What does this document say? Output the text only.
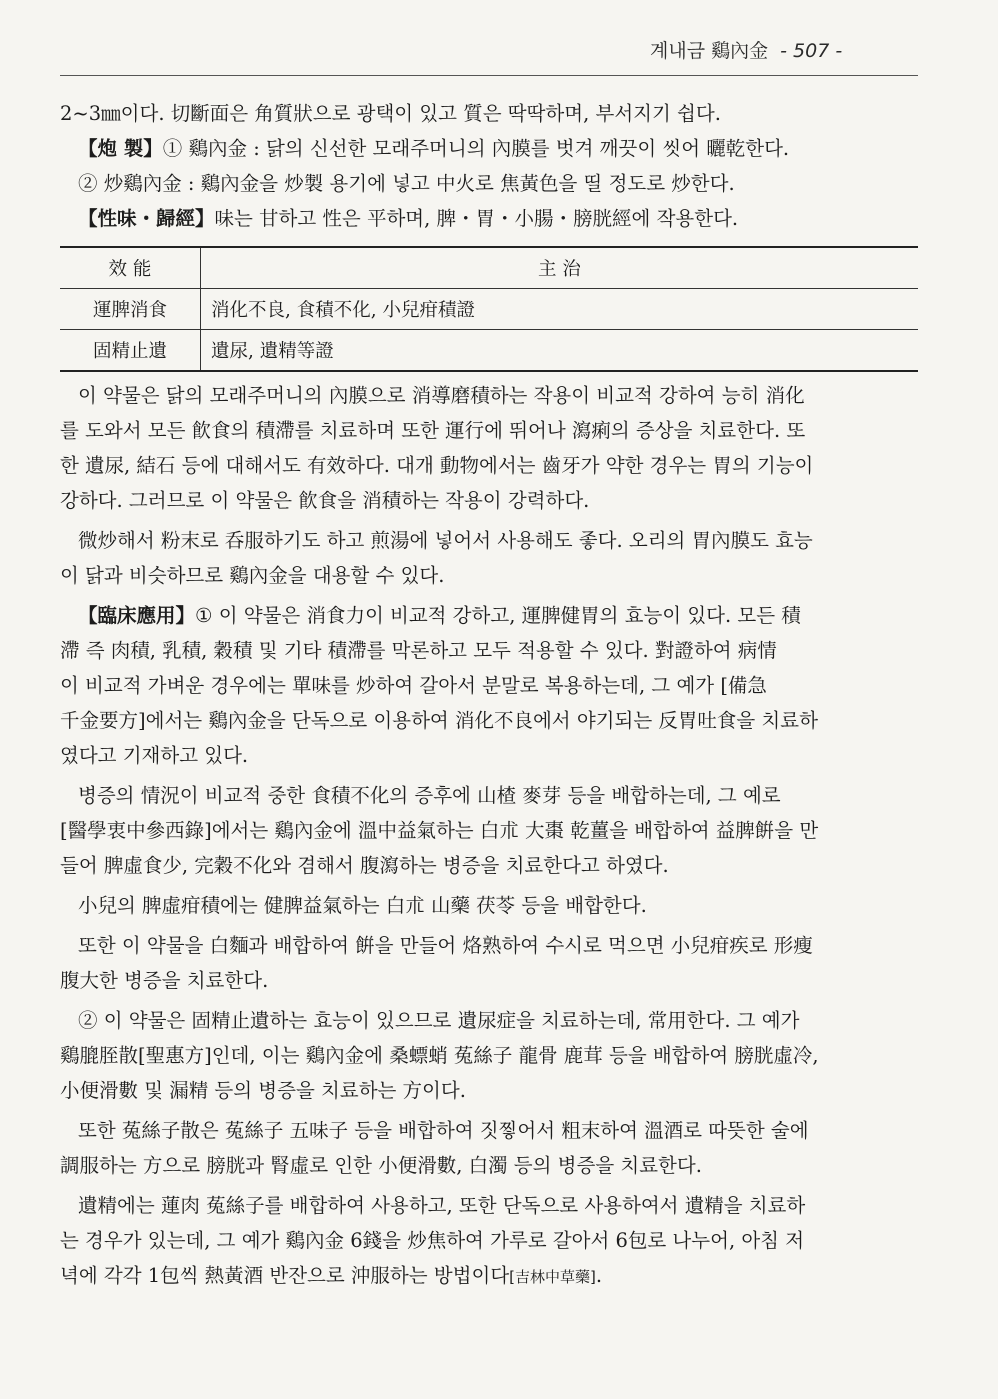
계내금 鷄內金 - 507 -
2~3㎜이다. 切斷面은 角質狀으로 광택이 있고 質은 딱딱하며, 부서지기 쉽다.
【炮 製】① 鷄內金 : 닭의 신선한 모래주머니의 內膜를 벗겨 깨끗이 씻어 曬乾한다.
② 炒鷄內金 : 鷄內金을 炒製 용기에 넣고 中火로 焦黃色을 띨 정도로 炒한다.
【性味・歸經】味는 甘하고 性은 平하며, 脾・胃・小腸・膀胱經에 작용한다.
效 能	主 治
運脾消食	消化不良, 食積不化, 小兒疳積證
固精止遺	遺尿, 遺精等證
이 약물은 닭의 모래주머니의 內膜으로 消導磨積하는 작용이 비교적 강하여 능히 消化
를 도와서 모든 飮食의 積滯를 치료하며 또한 運行에 뛰어나 瀉痢의 증상을 치료한다. 또
한 遺尿, 結石 등에 대해서도 有效하다. 대개 動物에서는 齒牙가 약한 경우는 胃의 기능이
강하다. 그러므로 이 약물은 飮食을 消積하는 작용이 강력하다.
微炒해서 粉末로 呑服하기도 하고 煎湯에 넣어서 사용해도 좋다. 오리의 胃內膜도 효능
이 닭과 비슷하므로 鷄內金을 대용할 수 있다.
【臨床應用】① 이 약물은 消食力이 비교적 강하고, 運脾健胃의 효능이 있다. 모든 積
滯 즉 肉積, 乳積, 穀積 및 기타 積滯를 막론하고 모두 적용할 수 있다. 對證하여 病情
이 비교적 가벼운 경우에는 單味를 炒하여 갈아서 분말로 복용하는데, 그 예가 [備急
千金要方]에서는 鷄內金을 단독으로 이용하여 消化不良에서 야기되는 反胃吐食을 치료하
였다고 기재하고 있다.
병증의 情況이 비교적 중한 食積不化의 증후에 山楂 麥芽 등을 배합하는데, 그 예로
[醫學衷中參西錄]에서는 鷄內金에 溫中益氣하는 白朮 大棗 乾薑을 배합하여 益脾餠을 만
들어 脾虛食少, 完穀不化와 겸해서 腹瀉하는 병증을 치료한다고 하였다.
小兒의 脾虛疳積에는 健脾益氣하는 白朮 山藥 茯苓 등을 배합한다.
또한 이 약물을 白麵과 배합하여 餠을 만들어 烙熟하여 수시로 먹으면 小兒疳疾로 形瘦
腹大한 병증을 치료한다.
② 이 약물은 固精止遺하는 효능이 있으므로 遺尿症을 치료하는데, 常用한다. 그 예가
鷄膍胵散[聖惠方]인데, 이는 鷄內金에 桑螵蛸 菟絲子 龍骨 鹿茸 등을 배합하여 膀胱虛冷,
小便滑數 및 漏精 등의 병증을 치료하는 方이다.
또한 菟絲子散은 菟絲子 五味子 등을 배합하여 짓찧어서 粗末하여 溫酒로 따뜻한 술에
調服하는 方으로 膀胱과 腎虛로 인한 小便滑數, 白濁 등의 병증을 치료한다.
遺精에는 蓮肉 菟絲子를 배합하여 사용하고, 또한 단독으로 사용하여서 遺精을 치료하
는 경우가 있는데, 그 예가 鷄內金 6錢을 炒焦하여 가루로 갈아서 6包로 나누어, 아침 저
녁에 각각 1包씩 熱黃酒 반잔으로 沖服하는 방법이다[吉林中草藥].
